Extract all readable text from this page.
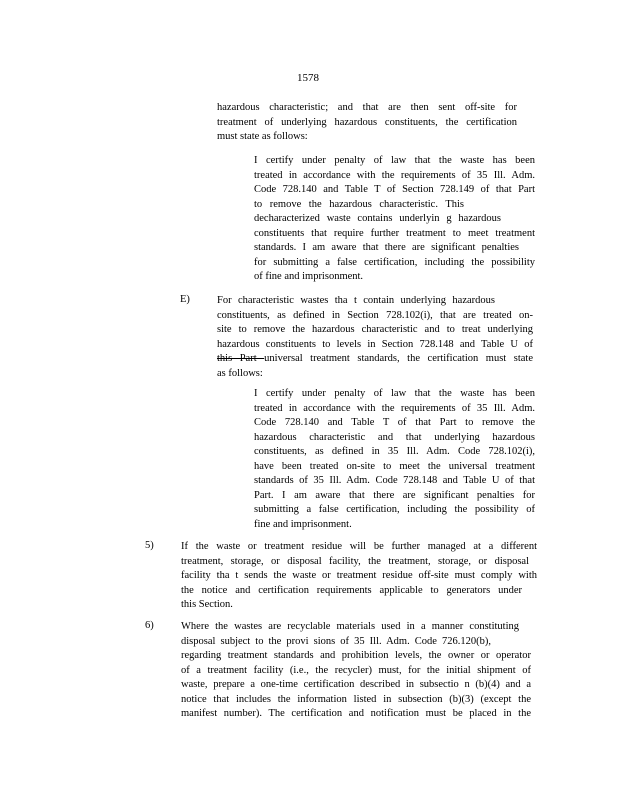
1578
hazardous characteristic; and that are then sent off-site for
treatment of underlying hazardous constituents, the certification
must state as follows:
I certify under penalty of law that the waste has been
treated in accordance with the requirements of 35 Ill. Adm.
Code 728.140 and Table T of Section 728.149 of that Part
to remove the hazardous characteristic. This
decharacterized waste contains underlyin g hazardous
constituents that require further treatment to meet treatment
standards. I am aware that there are significant penalties
for submitting a false certification, including the possibility
of fine and imprisonment.
E)	For characteristic wastes tha t contain underlying hazardous
constituents, as defined in Section 728.102(i), that are treated on-
site to remove the hazardous characteristic and to treat underlying
hazardous constituents to levels in Section 728.148 and Table U of
this Part universal treatment standards, the certification must state
as follows:
I certify under penalty of law that the waste has been
treated in accordance with the requirements of 35 Ill. Adm.
Code 728.140 and Table T of that Part to remove the
hazardous characteristic and that underlying hazardous
constituents, as defined in 35 Ill. Adm. Code 728.102(i),
have been treated on-site to meet the universal treatment
standards of 35 Ill. Adm. Code 728.148 and Table U of that
Part. I am aware that there are significant penalties for
submitting a false certification, including the possibility of
fine and imprisonment.
5)	If the waste or treatment residue will be further managed at a different
treatment, storage, or disposal facility, the treatment, storage, or disposal
facility tha t sends the waste or treatment residue off-site must comply with
the notice and certification requirements applicable to generators under
this Section.
6)	Where the wastes are recyclable materials used in a manner constituting
disposal subject to the provi sions of 35 Ill. Adm. Code 726.120(b),
regarding treatment standards and prohibition levels, the owner or operator
of a treatment facility (i.e., the recycler) must, for the initial shipment of
waste, prepare a one-time certification described in subsectio n (b)(4) and a
notice that includes the information listed in subsection (b)(3) (except the
manifest number). The certification and notification must be placed in the
